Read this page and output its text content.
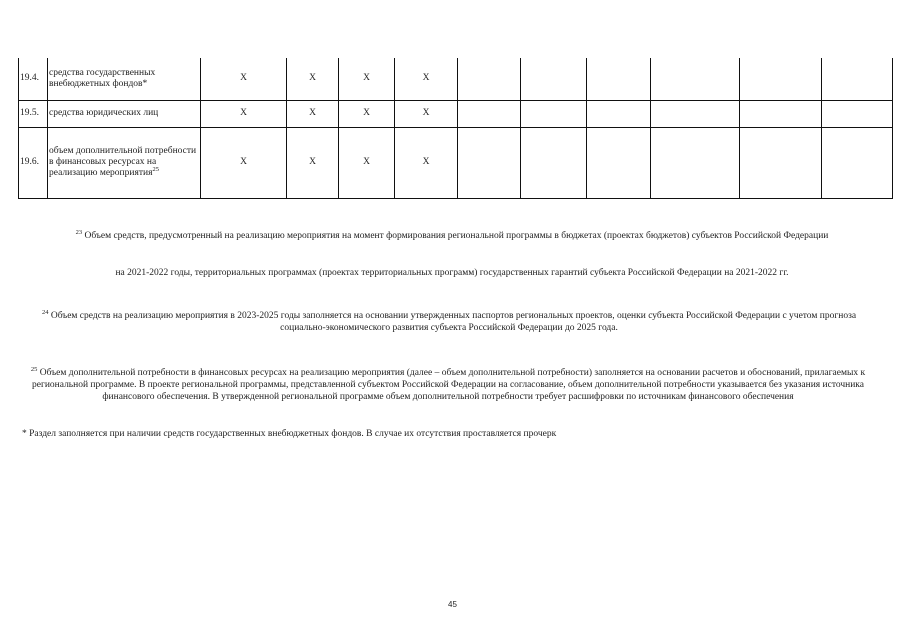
19.4.	средства государственных внебюджетных фондов*	X	X	X	X						
19.5.	средства юридических лиц	X	X	X	X						
19.6.	объем дополнительной потребности в финансовых ресурсах на реализацию мероприятия$^{25}$	X	X	X	X						
$^{23}$ Объем средств, предусмотренный на реализацию мероприятия на момент формирования региональной программы в бюджетах (проектах бюджетов) субъектов Российской Федерации
на 2021-2022 годы, территориальных программах (проектах территориальных программ) государственных гарантий субъекта Российской Федерации на 2021-2022 гг.
$^{24}$ Объем средств на реализацию мероприятия в 2023-2025 годы заполняется на основании утвержденных паспортов региональных проектов, оценки субъекта Российской Федерации с учетом прогноза социально-экономического развития субъекта Российской Федерации до 2025 года.
$^{25}$ Объем дополнительной потребности в финансовых ресурсах на реализацию мероприятия (далее – объем дополнительной потребности) заполняется на основании расчетов и обоснований, прилагаемых к региональной программе. В проекте региональной программы, представленной субъектом Российской Федерации на согласование, объем дополнительной потребности указывается без указания источника финансового обеспечения. В утвержденной региональной программе объем дополнительной потребности требует расшифровки по источникам финансового обеспечения
* Раздел заполняется при наличии средств государственных внебюджетных фондов. В случае их отсутствия проставляется прочерк
45
